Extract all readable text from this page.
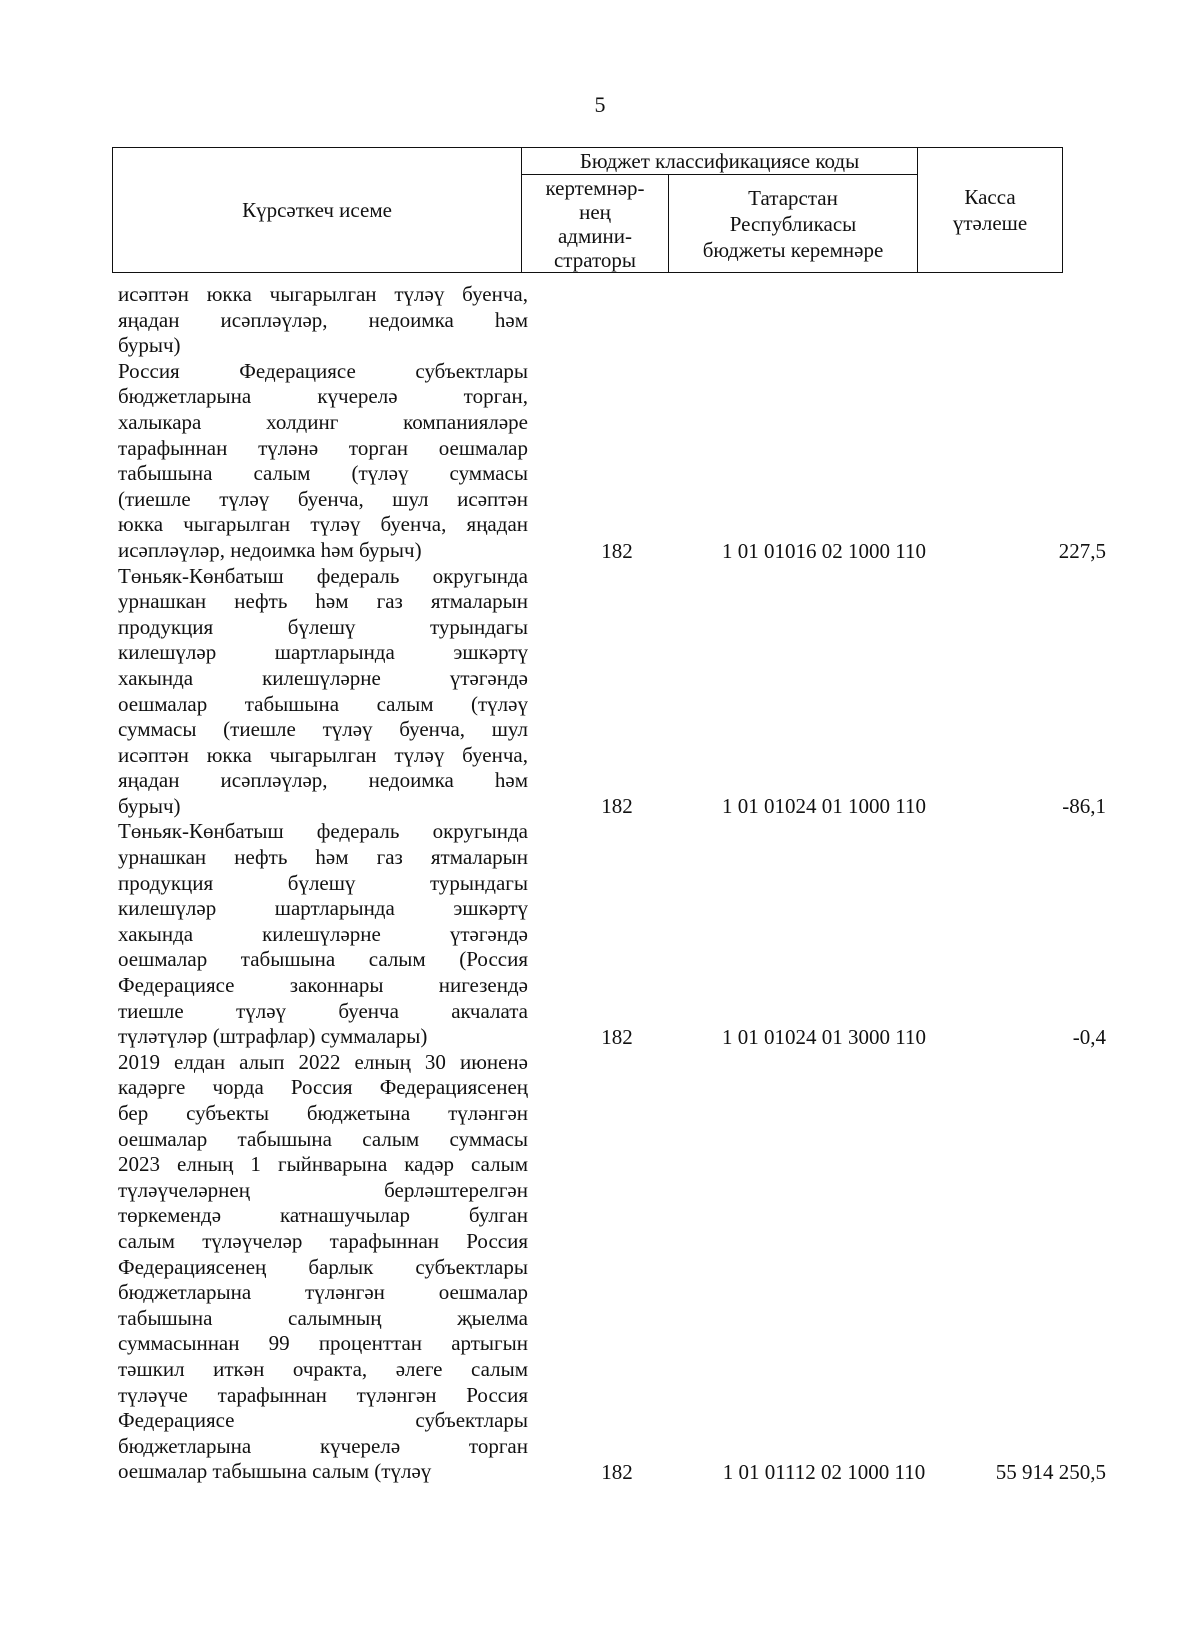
5
Күрсәткеч исеме	Бюджет классификациясе коды		Касса
үтәлеше
	кертемнәр-
нең
админи-
страторы	Татарстан
Республикасы
бюджеты керемнәре	
исәптән юкка чыгарылган түләү буенча,
яңадан исәпләүләр, недоимка һәм
бурыч)
Россия Федерациясе субъектлары
бюджетларына күчерелә торган,
халыкара холдинг компанияләре
тарафыннан түләнә торган оешмалар
табышына салым (түләү суммасы
(тиешле түләү буенча, шул исәптән
юкка чыгарылган түләү буенча, яңадан
исәпләүләр, недоимка һәм бурыч)	182	1 01 01016 02 1000 110	227,5
Төньяк-Көнбатыш федераль округында
урнашкан нефть һәм газ ятмаларын
продукция бүлешү турындагы
килешүләр шартларында эшкәртү
хакында килешүләрне үтәгәндә
оешмалар табышына салым (түләү
суммасы (тиешле түләү буенча, шул
исәптән юкка чыгарылган түләү буенча,
яңадан исәпләүләр, недоимка һәм
бурыч)	182	1 01 01024 01 1000 110	-86,1
Төньяк-Көнбатыш федераль округында
урнашкан нефть һәм газ ятмаларын
продукция бүлешү турындагы
килешүләр шартларында эшкәртү
хакында килешүләрне үтәгәндә
оешмалар табышына салым (Россия
Федерациясе законнары нигезендә
тиешле түләү буенча акчалата
түләтүләр (штрафлар) суммалары)	182	1 01 01024 01 3000 110	-0,4
2019 елдан алып 2022 елның 30 июненә
кадәрге чорда Россия Федерациясенең
бер субъекты бюджетына түләнгән
оешмалар табышына салым суммасы
2023 елның 1 гыйнварына кадәр салым
түләүчеләрнең берләштерелгән
төркемендә катнашучылар булган
салым түләүчеләр тарафыннан Россия
Федерациясенең барлык субъектлары
бюджетларына түләнгән оешмалар
табышына салымның җыелма
суммасыннан 99 проценттан артыгын
тәшкил иткән очракта, әлеге салым
түләүче тарафыннан түләнгән Россия
Федерациясе субъектлары
бюджетларына күчерелә торган
оешмалар табышына салым (түләү	182	1 01 01112 02 1000 110	55 914 250,5
